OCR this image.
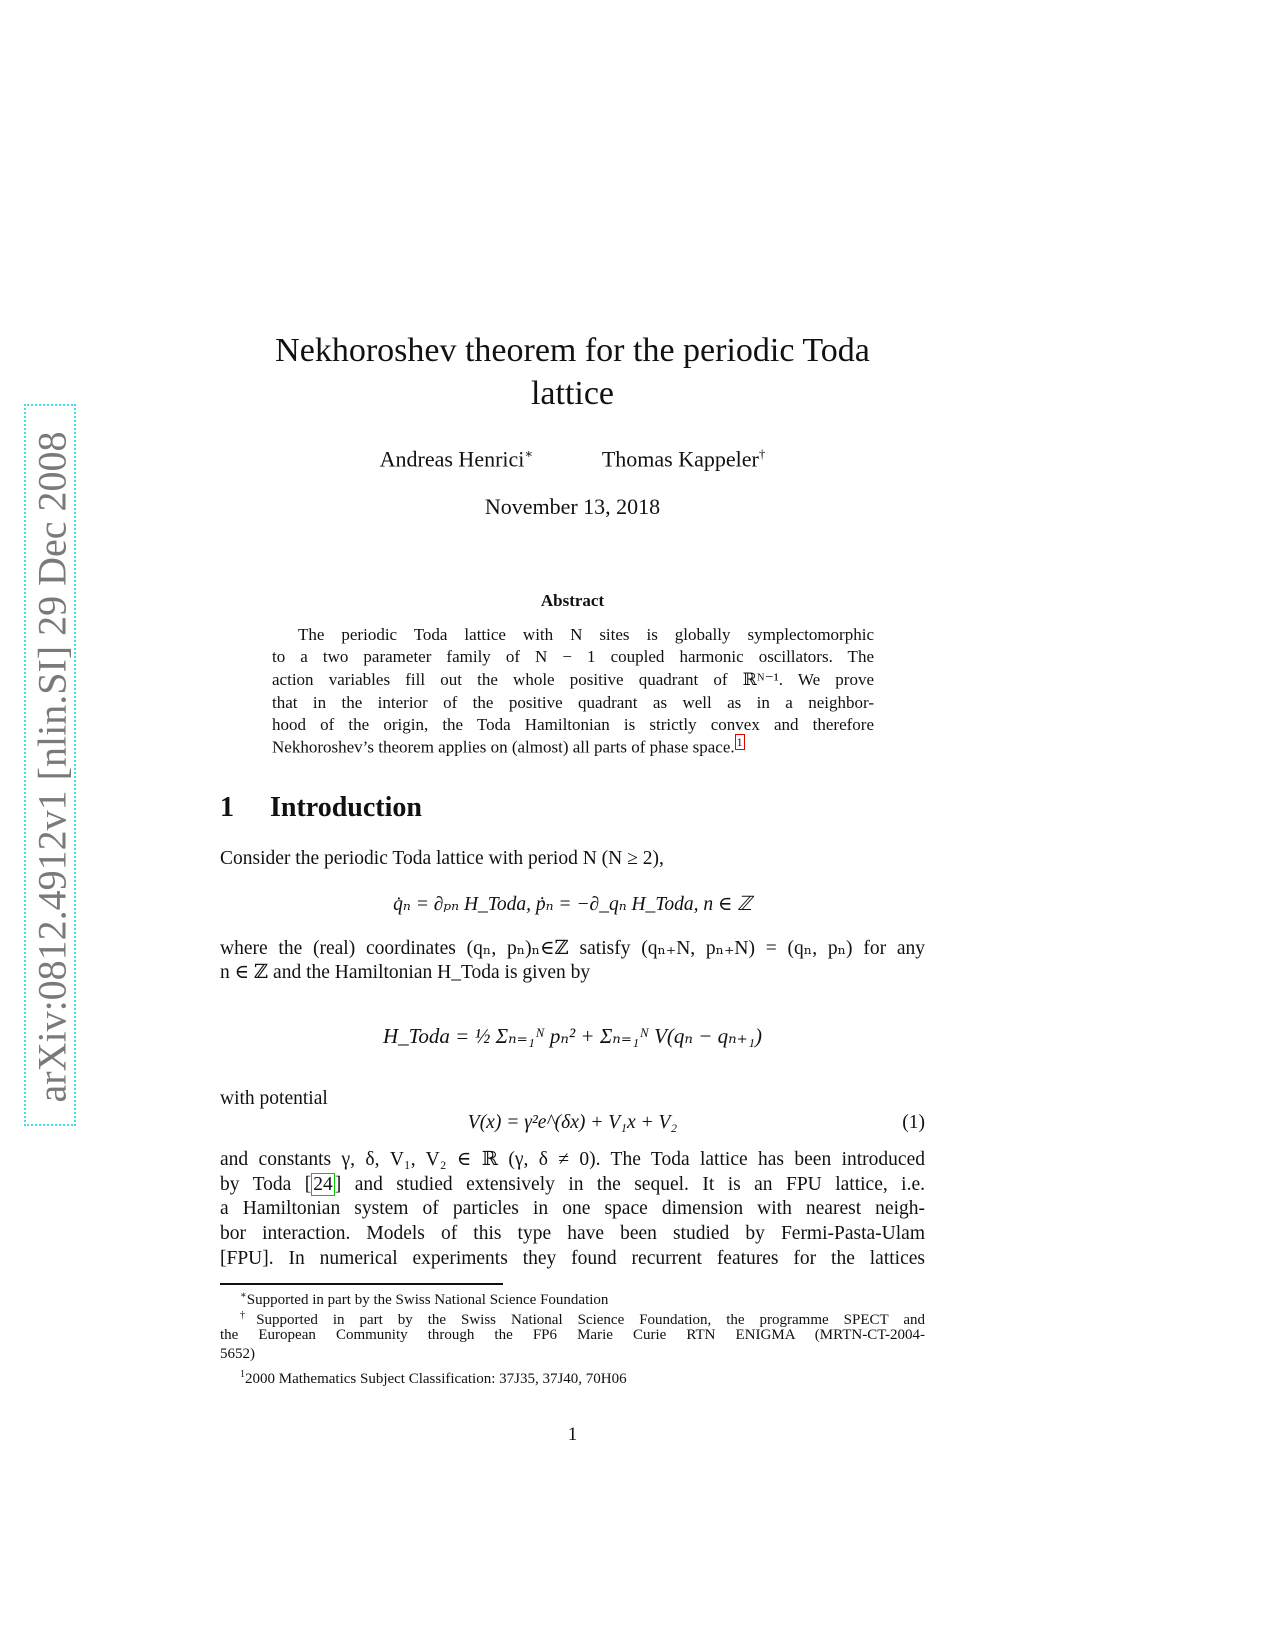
arXiv:0812.4912v1 [nlin.SI] 29 Dec 2008
Nekhoroshev theorem for the periodic Toda
lattice
Andreas Henrici∗	Thomas Kappeler†
November 13, 2018
Abstract
The periodic Toda lattice with N sites is globally symplectomorphic
to a two parameter family of N − 1 coupled harmonic oscillators. The
action variables fill out the whole positive quadrant of ℝᴺ⁻¹. We prove
that in the interior of the positive quadrant as well as in a neighbor-
hood of the origin, the Toda Hamiltonian is strictly convex and therefore
Nekhoroshev’s theorem applies on (almost) all parts of phase space. $^1$
1 Introduction
Consider the periodic Toda lattice with period N (N ≥ 2),
q̇ₙ = ∂ₚₙ H_Toda, ṗₙ = −∂_qₙ H_Toda, n ∈ ℤ
where the (real) coordinates (qₙ, pₙ)ₙ∈ℤ satisfy (qₙ₊N, pₙ₊N) = (qₙ, pₙ) for any
n ∈ ℤ and the Hamiltonian H_Toda is given by
H_Toda = ½ Σₙ₌₁ᴺ pₙ² + Σₙ₌₁ᴺ V(qₙ − qₙ₊₁)
with potential
V(x) = γ²e^(δx) + V₁x + V₂	(1)
and constants γ, δ, V₁, V₂ ∈ ℝ (γ, δ ≠ 0). The Toda lattice has been introduced
by Toda [ 24 ] and studied extensively in the sequel. It is an FPU lattice, i.e.
a Hamiltonian system of particles in one space dimension with nearest neigh-
bor interaction. Models of this type have been studied by Fermi-Pasta-Ulam
[FPU]. In numerical experiments they found recurrent features for the lattices
∗Supported in part by the Swiss National Science Foundation
†Supported in part by the Swiss National Science Foundation, the programme SPECT and
the European Community through the FP6 Marie Curie RTN ENIGMA (MRTN-CT-2004-
5652)
$^1$2000 Mathematics Subject Classification: 37J35, 37J40, 70H06
1
